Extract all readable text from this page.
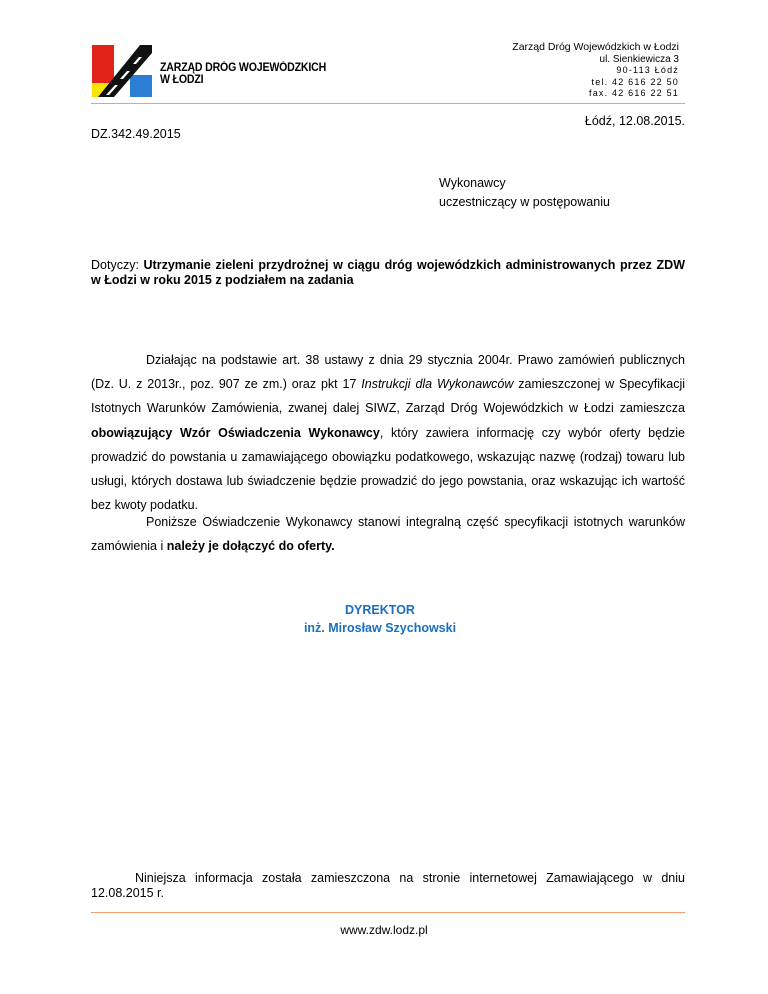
ZARZĄD DRÓG WOJEWÓDZKICH
W ŁODZI
Zarząd Dróg Wojewódzkich w Łodzi
ul. Sienkiewicza 3
90-113 Łódź
tel. 42 616 22 50
fax. 42 616 22 51
Łódź, 12.08.2015.
DZ.342.49.2015
Wykonawcy
uczestniczący w postępowaniu
Dotyczy: Utrzymanie zieleni przydrożnej w ciągu dróg wojewódzkich administrowanych przez ZDW w Łodzi w roku 2015 z podziałem na zadania
Działając na podstawie art. 38 ustawy z dnia 29 stycznia 2004r. Prawo zamówień publicznych (Dz. U. z 2013r., poz. 907 ze zm.) oraz pkt 17 Instrukcji dla Wykonawców zamieszczonej w Specyfikacji Istotnych Warunków Zamówienia, zwanej dalej SIWZ, Zarząd Dróg Wojewódzkich w Łodzi zamieszcza obowiązujący Wzór Oświadczenia Wykonawcy, który zawiera informację czy wybór oferty będzie prowadzić do powstania u zamawiającego obowiązku podatkowego, wskazując nazwę (rodzaj) towaru lub usługi, których dostawa lub świadczenie będzie prowadzić do jego powstania, oraz wskazując ich wartość bez kwoty podatku.
Poniższe Oświadczenie Wykonawcy stanowi integralną część specyfikacji istotnych warunków zamówienia i należy je dołączyć do oferty.
DYREKTOR
inż. Mirosław Szychowski
Niniejsza informacja została zamieszczona na stronie internetowej Zamawiającego w dniu 12.08.2015 r.
www.zdw.lodz.pl
